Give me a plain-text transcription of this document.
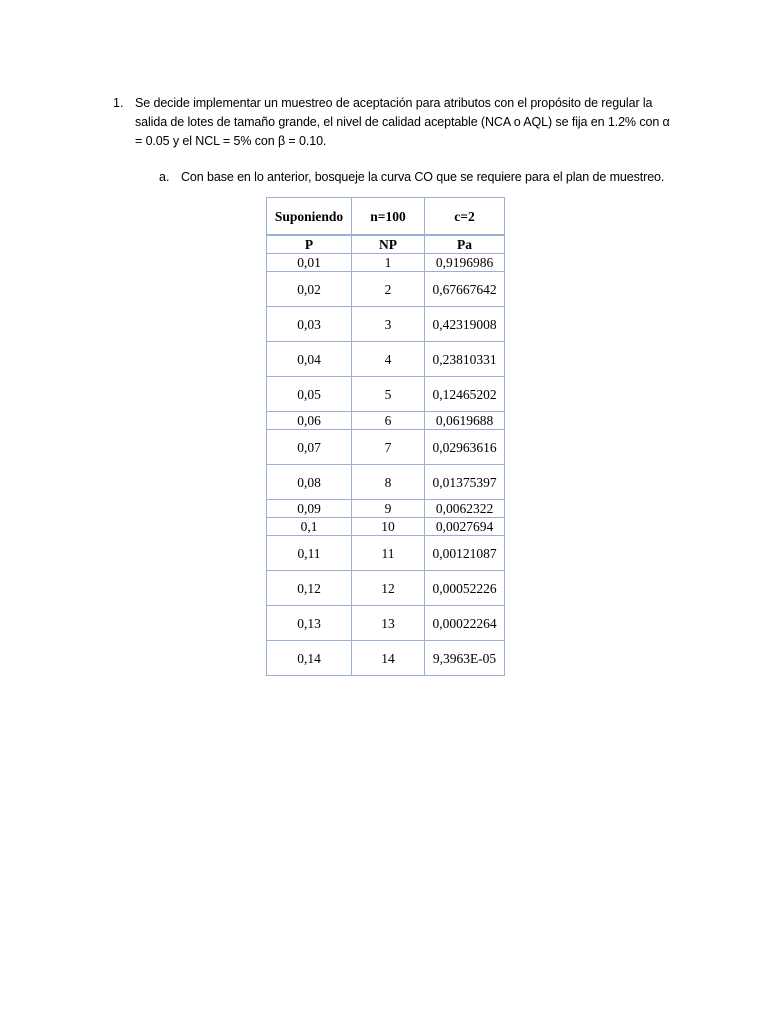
1. Se decide implementar un muestreo de aceptación para atributos con el propósito de regular la salida de lotes de tamaño grande, el nivel de calidad aceptable (NCA o AQL) se fija en 1.2% con α = 0.05 y el NCL = 5% con β = 0.10.
a. Con base en lo anterior, bosqueje la curva CO que se requiere para el plan de muestreo.
Suponiendo	n=100	c=2
P	NP	Pa
0,01	1	0,9196986
0,02	2	0,67667642
0,03	3	0,42319008
0,04	4	0,23810331
0,05	5	0,12465202
0,06	6	0,0619688
0,07	7	0,02963616
0,08	8	0,01375397
0,09	9	0,0062322
0,1	10	0,0027694
0,11	11	0,00121087
0,12	12	0,00052226
0,13	13	0,00022264
0,14	14	9,3963E-05
